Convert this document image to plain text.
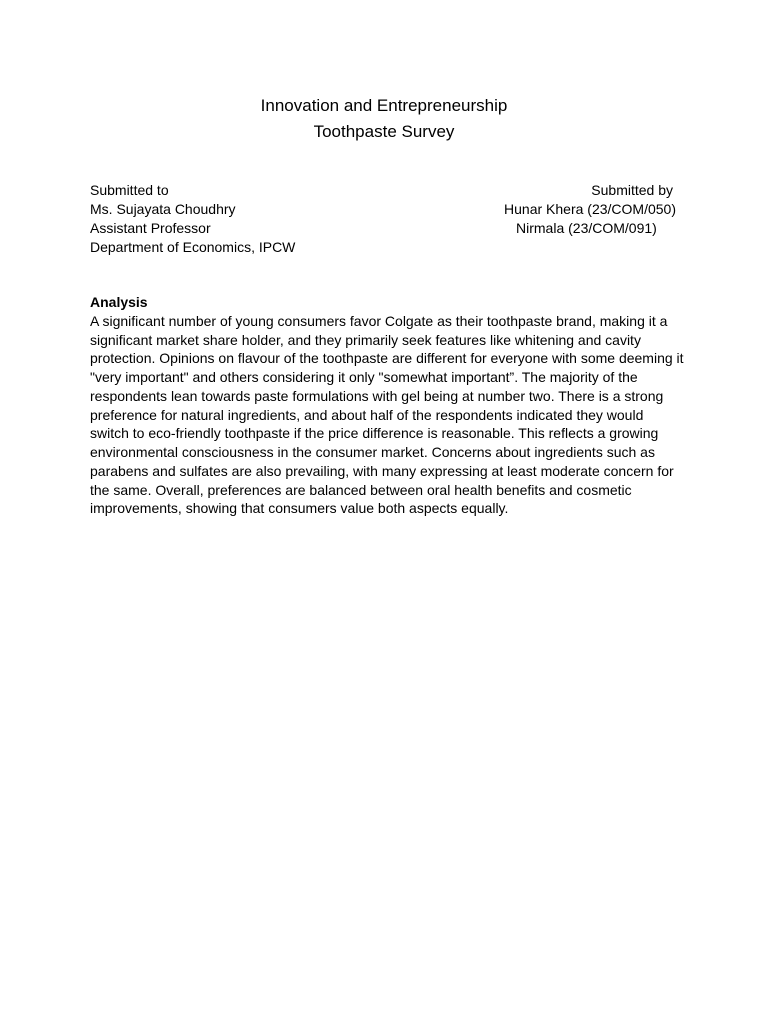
Innovation and Entrepreneurship
Toothpaste Survey
Submitted to
Ms. Sujayata Choudhry
Assistant Professor
Department of Economics, IPCW
Submitted by
Hunar Khera (23/COM/050)
Nirmala (23/COM/091)
Analysis
A significant number of young consumers favor Colgate as their toothpaste brand, making it a
significant market share holder, and they primarily seek features like whitening and cavity
protection. Opinions on flavour of the toothpaste are different for everyone with some deeming it
"very important" and others considering it only "somewhat important”. The majority of the
respondents lean towards paste formulations with gel being at number two. There is a strong
preference for natural ingredients, and about half of the respondents indicated they would
switch to eco-friendly toothpaste if the price difference is reasonable. This reflects a growing
environmental consciousness in the consumer market. Concerns about ingredients such as
parabens and sulfates are also prevailing, with many expressing at least moderate concern for
the same. Overall, preferences are balanced between oral health benefits and cosmetic
improvements, showing that consumers value both aspects equally.
